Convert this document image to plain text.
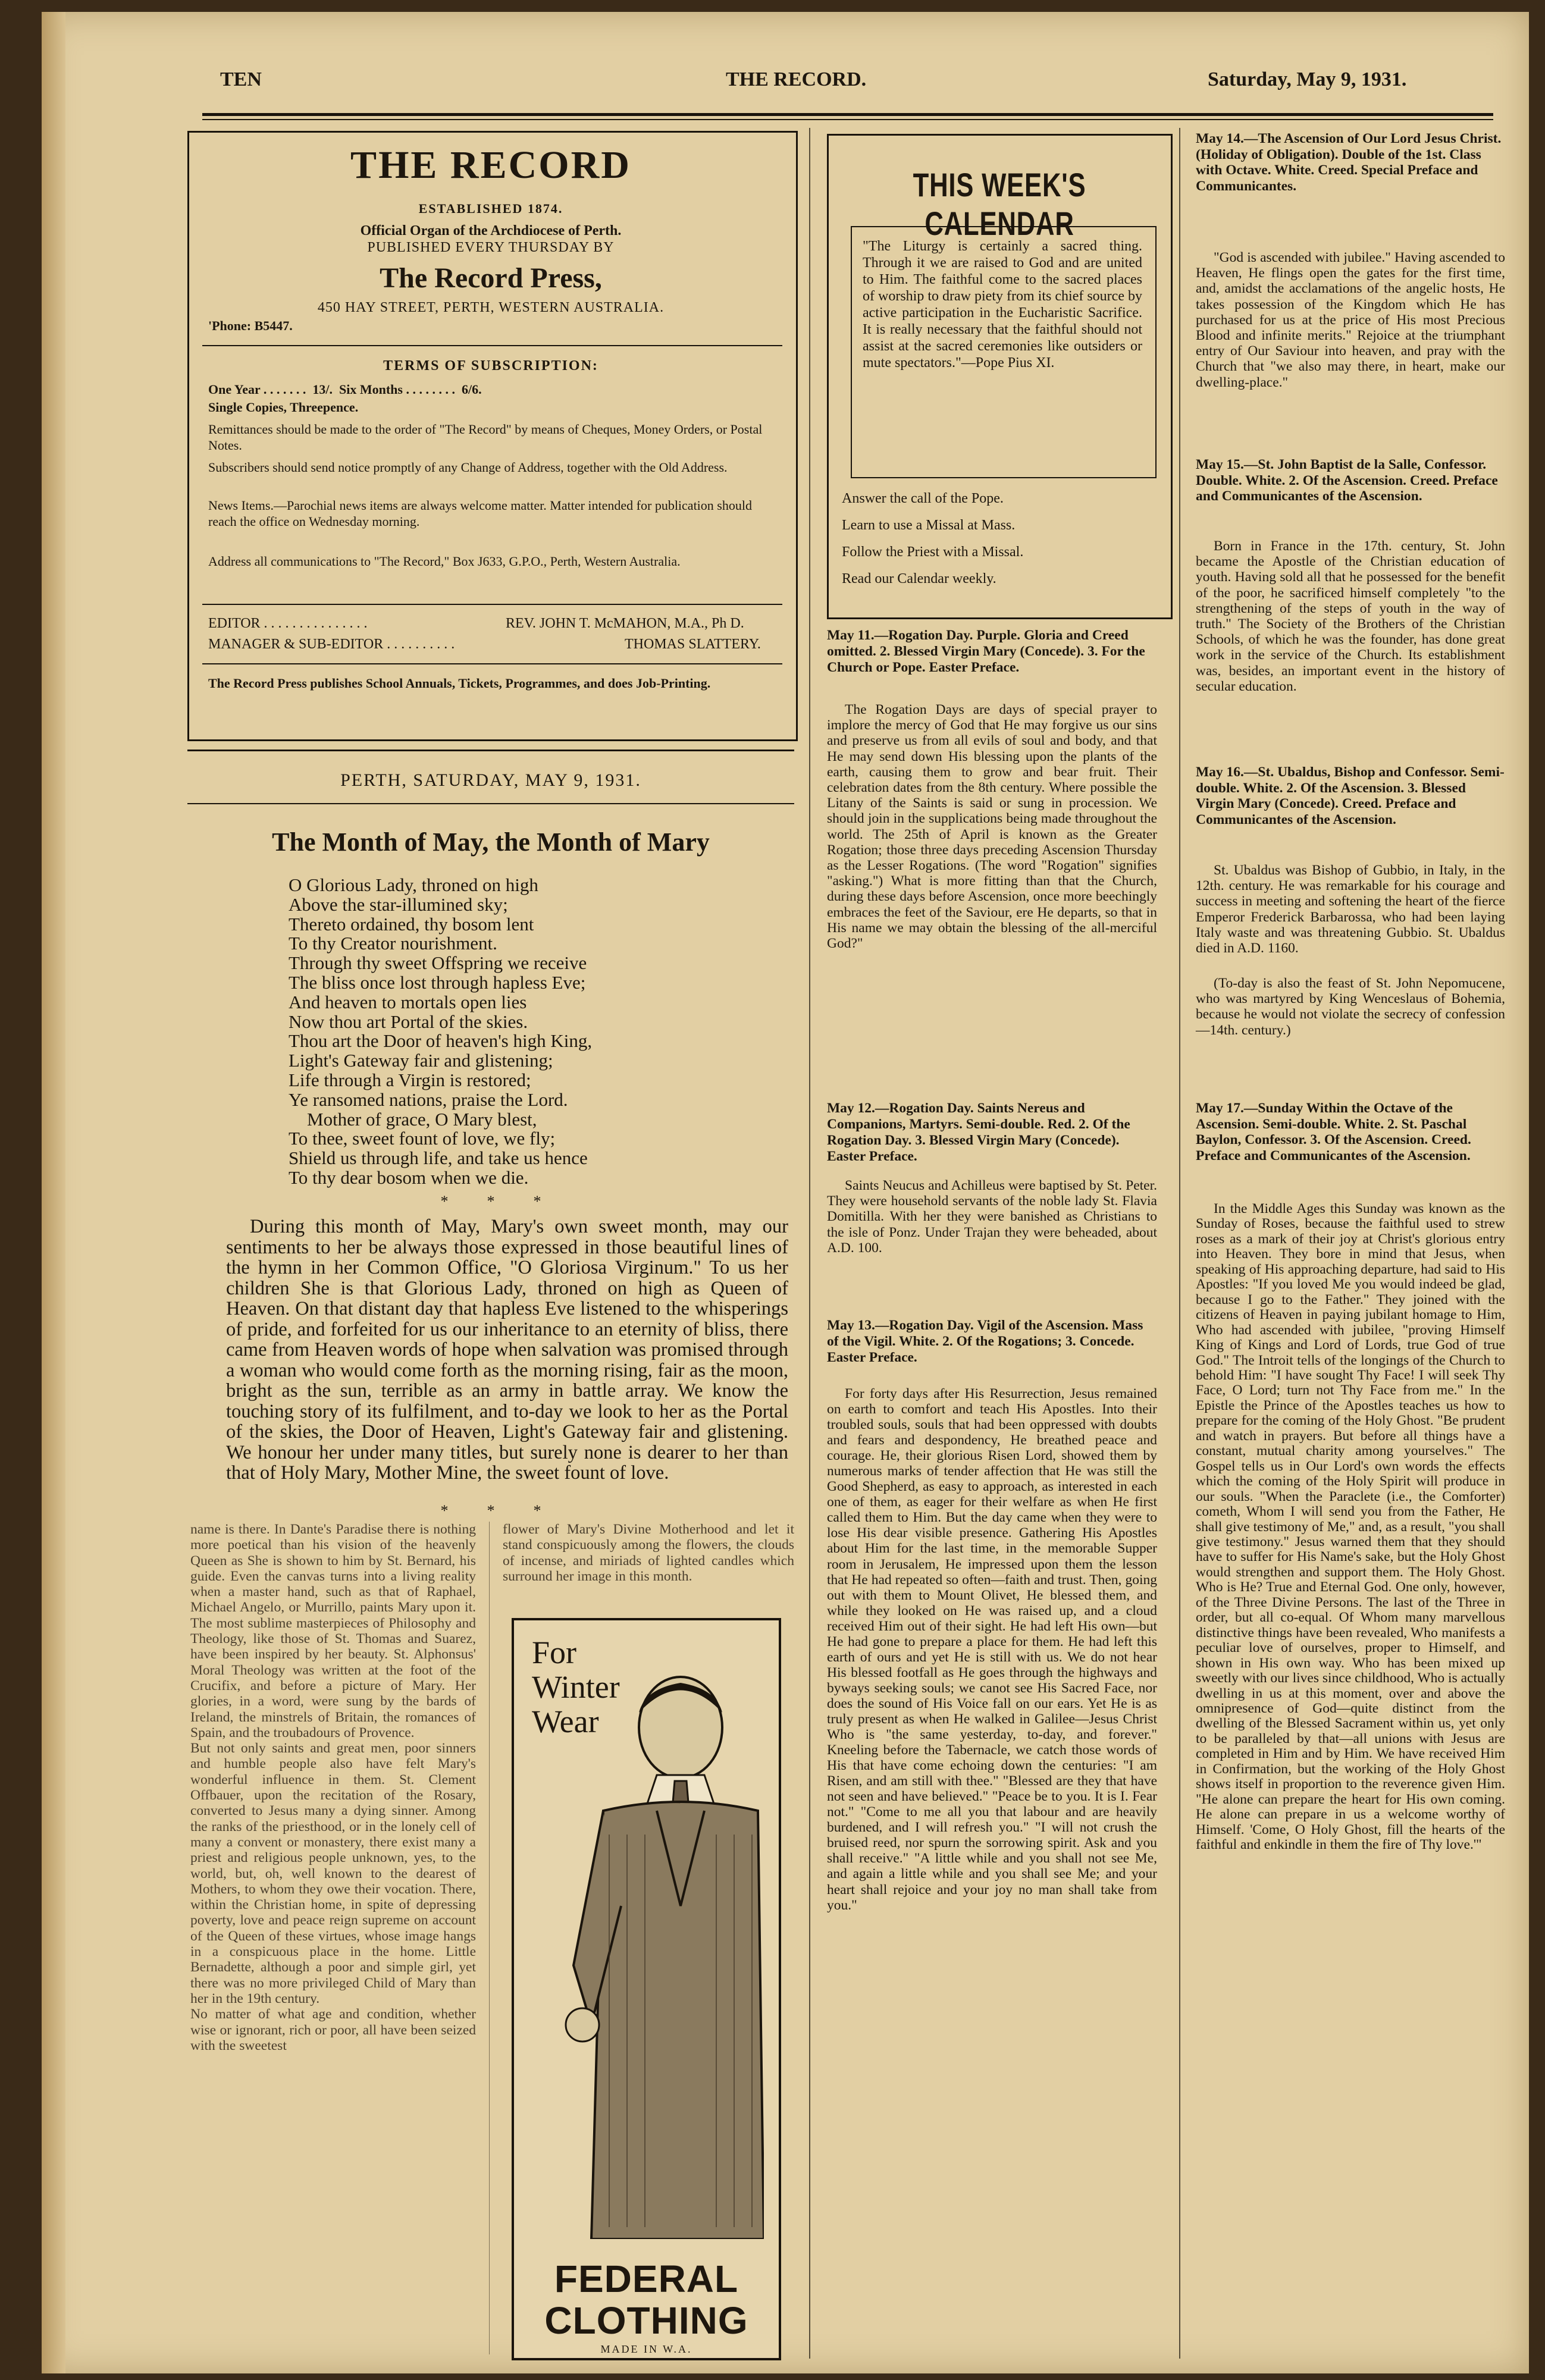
TEN	THE RECORD.	Saturday, May 9, 1931.
THE RECORD
ESTABLISHED 1874.
Official Organ of the Archdiocese of Perth.
PUBLISHED EVERY THURSDAY BY
The Record Press,
450 HAY STREET, PERTH, WESTERN AUSTRALIA.
'Phone: B5447.
TERMS OF SUBSCRIPTION:
One Year . . . . . . .  13/.  Six Months . . . . . . . .  6/6.
Single Copies, Threepence.
Remittances should be made to the order of "The Record" by means of Cheques, Money Orders, or Postal Notes.
Subscribers should send notice promptly of any Change of Address, together with the Old Address.
News Items.—Parochial news items are always welcome matter. Matter intended for publication should reach the office on Wednesday morning.
Address all communications to "The Record," Box J633, G.P.O., Perth, Western Australia.
EDITOR . . . . . . . . . . . . . . .	REV. JOHN T. McMAHON, M.A., Ph D.
MANAGER & SUB-EDITOR . . . . . . . . . .	THOMAS SLATTERY.
The Record Press publishes School Annuals, Tickets, Programmes, and does Job-Printing.
PERTH, SATURDAY, MAY 9, 1931.
The Month of May, the Month of Mary
O Glorious Lady, throned on high
Above the star-illumined sky;
Thereto ordained, thy bosom lent
To thy Creator nourishment.
Through thy sweet Offspring we receive
The bliss once lost through hapless Eve;
And heaven to mortals open lies
Now thou art Portal of the skies.
Thou art the Door of heaven's high King,
Light's Gateway fair and glistening;
Life through a Virgin is restored;
Ye ransomed nations, praise the Lord.
Mother of grace, O Mary blest,
To thee, sweet fount of love, we fly;
Shield us through life, and take us hence
To thy dear bosom when we die.
*          *          *
During this month of May, Mary's own sweet month, may our sentiments to her be always those expressed in those beautiful lines of the hymn in her Common Office, "O Gloriosa Virginum." To us her children She is that Glorious Lady, throned on high as Queen of Heaven. On that distant day that hapless Eve listened to the whisperings of pride, and forfeited for us our inheritance to an eternity of bliss, there came from Heaven words of hope when salvation was promised through a woman who would come forth as the morning rising, fair as the moon, bright as the sun, terrible as an army in battle array. We know the touching story of its fulfilment, and to-day we look to her as the Portal of the skies, the Door of Heaven, Light's Gateway fair and glistening. We honour her under many titles, but surely none is dearer to her than that of Holy Mary, Mother Mine, the sweet fount of love.
*          *          *
name is there. In Dante's Paradise there is nothing more poetical than his vision of the heavenly Queen as She is shown to him by St. Bernard, his guide. Even the canvas turns into a living reality when a master hand, such as that of Raphael, Michael Angelo, or Murrillo, paints Mary upon it. The most sublime masterpieces of Philosophy and Theology, like those of St. Thomas and Suarez, have been inspired by her beauty. St. Alphonsus' Moral Theology was written at the foot of the Crucifix, and before a picture of Mary. Her glories, in a word, were sung by the bards of Ireland, the minstrels of Britain, the romances of Spain, and the troubadours of Provence.
But not only saints and great men, poor sinners and humble people also have felt Mary's wonderful influence in them. St. Clement Offbauer, upon the recitation of the Rosary, converted to Jesus many a dying sinner. Among the ranks of the priesthood, or in the lonely cell of many a convent or monastery, there exist many a priest and religious people unknown, yes, to the world, but, oh, well known to the dearest of Mothers, to whom they owe their vocation. There, within the Christian home, in spite of depressing poverty, love and peace reign supreme on account of the Queen of these virtues, whose image hangs in a conspicuous place in the home. Little Bernadette, although a poor and simple girl, yet there was no more privileged Child of Mary than her in the 19th century.
No matter of what age and condition, whether wise or ignorant, rich or poor, all have been seized with the sweetest
flower of Mary's Divine Motherhood and let it stand conspicuously among the flowers, the clouds of incense, and miriads of lighted candles which surround her image in this month.
For
Winter
Wear
FEDERAL
CLOTHING
MADE IN W.A.
THIS WEEK'S CALENDAR
"The Liturgy is certainly a sacred thing. Through it we are raised to God and are united to Him. The faithful come to the sacred places of worship to draw piety from its chief source by active participation in the Eucharistic Sacrifice. It is really necessary that the faithful should not assist at the sacred ceremonies like outsiders or mute spectators."—Pope Pius XI.
Answer the call of the Pope.
Learn to use a Missal at Mass.
Follow the Priest with a Missal.
Read our Calendar weekly.
May 11.—Rogation Day. Purple. Gloria and Creed omitted. 2. Blessed Virgin Mary (Concede). 3. For the Church or Pope. Easter Preface.
The Rogation Days are days of special prayer to implore the mercy of God that He may forgive us our sins and preserve us from all evils of soul and body, and that He may send down His blessing upon the plants of the earth, causing them to grow and bear fruit. Their celebration dates from the 8th century. Where possible the Litany of the Saints is said or sung in procession. We should join in the supplications being made throughout the world. The 25th of April is known as the Greater Rogation; those three days preceding Ascension Thursday as the Lesser Rogations. (The word "Rogation" signifies "asking.") What is more fitting than that the Church, during these days before Ascension, once more beechingly embraces the feet of the Saviour, ere He departs, so that in His name we may obtain the blessing of the all-merciful God?"
May 12.—Rogation Day. Saints Nereus and Companions, Martyrs. Semi-double. Red. 2. Of the Rogation Day. 3. Blessed Virgin Mary (Concede). Easter Preface.
Saints Neucus and Achilleus were baptised by St. Peter. They were household servants of the noble lady St. Flavia Domitilla. With her they were banished as Christians to the isle of Ponz. Under Trajan they were beheaded, about A.D. 100.
May 13.—Rogation Day. Vigil of the Ascension. Mass of the Vigil. White. 2. Of the Rogations; 3. Concede. Easter Preface.
For forty days after His Resurrection, Jesus remained on earth to comfort and teach His Apostles. Into their troubled souls, souls that had been oppressed with doubts and fears and despondency, He breathed peace and courage. He, their glorious Risen Lord, showed them by numerous marks of tender affection that He was still the Good Shepherd, as easy to approach, as interested in each one of them, as eager for their welfare as when He first called them to Him. But the day came when they were to lose His dear visible presence. Gathering His Apostles about Him for the last time, in the memorable Supper room in Jerusalem, He impressed upon them the lesson that He had repeated so often—faith and trust. Then, going out with them to Mount Olivet, He blessed them, and while they looked on He was raised up, and a cloud received Him out of their sight. He had left His own—but He had gone to prepare a place for them. He had left this earth of ours and yet He is still with us. We do not hear His blessed footfall as He goes through the highways and byways seeking souls; we canot see His Sacred Face, nor does the sound of His Voice fall on our ears. Yet He is as truly present as when He walked in Galilee—Jesus Christ Who is "the same yesterday, to-day, and forever." Kneeling before the Tabernacle, we catch those words of His that have come echoing down the centuries: "I am Risen, and am still with thee." "Blessed are they that have not seen and have believed." "Peace be to you. It is I. Fear not." "Come to me all you that labour and are heavily burdened, and I will refresh you." "I will not crush the bruised reed, nor spurn the sorrowing spirit. Ask and you shall receive." "A little while and you shall not see Me, and again a little while and you shall see Me; and your heart shall rejoice and your joy no man shall take from you."
May 14.—The Ascension of Our Lord Jesus Christ. (Holiday of Obligation). Double of the 1st. Class with Octave. White. Creed. Special Preface and Communicantes.
"God is ascended with jubilee." Having ascended to Heaven, He flings open the gates for the first time, and, amidst the acclamations of the angelic hosts, He takes possession of the Kingdom which He has purchased for us at the price of His most Precious Blood and infinite merits." Rejoice at the triumphant entry of Our Saviour into heaven, and pray with the Church that "we also may there, in heart, make our dwelling-place."
May 15.—St. John Baptist de la Salle, Confessor. Double. White. 2. Of the Ascension. Creed. Preface and Communicantes of the Ascension.
Born in France in the 17th. century, St. John became the Apostle of the Christian education of youth. Having sold all that he possessed for the benefit of the poor, he sacrificed himself completely "to the strengthening of the steps of youth in the way of truth." The Society of the Brothers of the Christian Schools, of which he was the founder, has done great work in the service of the Church. Its establishment was, besides, an important event in the history of secular education.
May 16.—St. Ubaldus, Bishop and Confessor. Semi-double. White. 2. Of the Ascension. 3. Blessed Virgin Mary (Concede). Creed. Preface and Communicantes of the Ascension.
St. Ubaldus was Bishop of Gubbio, in Italy, in the 12th. century. He was remarkable for his courage and success in meeting and softening the heart of the fierce Emperor Frederick Barbarossa, who had been laying Italy waste and was threatening Gubbio. St. Ubaldus died in A.D. 1160.
(To-day is also the feast of St. John Nepomucene, who was martyred by King Wenceslaus of Bohemia, because he would not violate the secrecy of confession—14th. century.)
May 17.—Sunday Within the Octave of the Ascension. Semi-double. White. 2. St. Paschal Baylon, Confessor. 3. Of the Ascension. Creed. Preface and Communicantes of the Ascension.
In the Middle Ages this Sunday was known as the Sunday of Roses, because the faithful used to strew roses as a mark of their joy at Christ's glorious entry into Heaven. They bore in mind that Jesus, when speaking of His approaching departure, had said to His Apostles: "If you loved Me you would indeed be glad, because I go to the Father." They joined with the citizens of Heaven in paying jubilant homage to Him, Who had ascended with jubilee, "proving Himself King of Kings and Lord of Lords, true God of true God." The Introit tells of the longings of the Church to behold Him: "I have sought Thy Face! I will seek Thy Face, O Lord; turn not Thy Face from me." In the Epistle the Prince of the Apostles teaches us how to prepare for the coming of the Holy Ghost. "Be prudent and watch in prayers. But before all things have a constant, mutual charity among yourselves." The Gospel tells us in Our Lord's own words the effects which the coming of the Holy Spirit will produce in our souls. "When the Paraclete (i.e., the Comforter) cometh, Whom I will send you from the Father, He shall give testimony of Me," and, as a result, "you shall give testimony." Jesus warned them that they should have to suffer for His Name's sake, but the Holy Ghost would strengthen and support them. The Holy Ghost. Who is He? True and Eternal God. One only, however, of the Three Divine Persons. The last of the Three in order, but all co-equal. Of Whom many marvellous distinctive things have been revealed, Who manifests a peculiar love of ourselves, proper to Himself, and shown in His own way. Who has been mixed up sweetly with our lives since childhood, Who is actually dwelling in us at this moment, over and above the omnipresence of God—quite distinct from the dwelling of the Blessed Sacrament within us, yet only to be paralleled by that—all unions with Jesus are completed in Him and by Him. We have received Him in Confirmation, but the working of the Holy Ghost shows itself in proportion to the reverence given Him. "He alone can prepare the heart for His own coming. He alone can prepare in us a welcome worthy of Himself. 'Come, O Holy Ghost, fill the hearts of the faithful and enkindle in them the fire of Thy love.'"
